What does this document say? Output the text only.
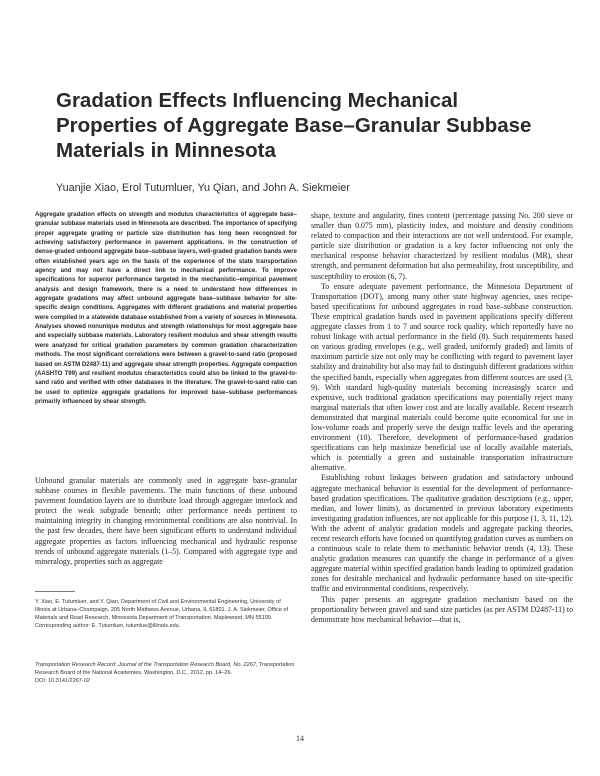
Gradation Effects Influencing Mechanical Properties of Aggregate Base–Granular Subbase Materials in Minnesota

Yuanjie Xiao, Erol Tutumluer, Yu Qian, and John A. Siekmeier

Aggregate gradation effects on strength and modulus characteristics of aggregate base–granular subbase materials used in Minnesota are described. The importance of specifying proper aggregate grading or particle size distribution has long been recognized for achieving satisfactory performance in pavement applications. In the construction of dense-graded unbound aggregate base–subbase layers, well-graded gradation bands were often established years ago on the basis of the experience of the state transportation agency and may not have a direct link to mechanical performance. To improve specifications for superior performance targeted in the mechanistic–empirical pavement analysis and design framework, there is a need to understand how differences in aggregate gradations may affect unbound aggregate base–subbase behavior for site-specific design conditions. Aggregates with different gradations and material properties were compiled in a statewide database established from a variety of sources in Minnesota. Analyses showed nonunique modulus and strength relationships for most aggregate base and especially subbase materials. Laboratory resilient modulus and shear strength results were analyzed for critical gradation parameters by common gradation characterization methods. The most significant correlations were between a gravel-to-sand ratio (proposed based on ASTM D2487-11) and aggregate shear strength properties. Aggregate compaction (AASHTO T99) and resilient modulus characteristics could also be linked to the gravel-to-sand ratio and verified with other databases in the literature. The gravel-to-sand ratio can be used to optimize aggregate gradations for improved base–subbase performances primarily influenced by shear strength.

Unbound granular materials are commonly used in aggregate base–granular subbase courses in flexible pavements. The main functions of these unbound pavement foundation layers are to distribute load through aggregate interlock and protect the weak subgrade beneath; other performance needs pertinent to maintaining integrity in changing environmental conditions are also nontrivial. In the past few decades, there have been significant efforts to understand individual aggregate properties as factors influencing mechanical and hydraulic response trends of unbound aggregate materials (1–5). Compared with aggregate type and mineralogy, properties such as aggregate

Y. Xiao, E. Tutumluer, and Y. Qian, Department of Civil and Environmental Engineering, University of Illinois at Urbana–Champaign, 205 North Mathews Avenue, Urbana, IL 61801. J. A. Siekmeier, Office of Materials and Road Research, Minnesota Department of Transportation, Maplewood, MN 55109. Corresponding author: E. Tutumluer, tutumlue@illinois.edu.

Transportation Research Record: Journal of the Transportation Research Board, No. 2267, Transportation Research Board of the National Academies, Washington, D.C., 2012, pp. 14–26.
DOI: 10.3141/2267-02

shape, texture and angularity, fines content (percentage passing No. 200 sieve or smaller than 0.075 mm), plasticity index, and moisture and density conditions related to compaction and their interactions are not well understood. For example, particle size distribution or gradation is a key factor influencing not only the mechanical response behavior characterized by resilient modulus (MR), shear strength, and permanent deformation but also permeability, frost susceptibility, and susceptibility to erosion (6, 7).

To ensure adequate pavement performance, the Minnesota Department of Transportation (DOT), among many other state highway agencies, uses recipe-based specifications for unbound aggregates in road base–subbase construction. These empirical gradation bands used in pavement applications specify different aggregate classes from 1 to 7 and source rock quality, which reportedly have no robust linkage with actual performance in the field (8). Such requirements based on various grading envelopes (e.g., well graded, uniformly graded) and limits of maximum particle size not only may be conflicting with regard to pavement layer stability and drainability but also may fail to distinguish different gradations within the specified bands, especially when aggregates from different sources are used (3, 9). With standard high-quality materials becoming increasingly scarce and expensive, such traditional gradation specifications may potentially reject many marginal materials that often lower cost and are locally available. Recent research demonstrated that marginal materials could become quite economical for use in low-volume roads and properly serve the design traffic levels and the operating environment (10). Therefore, development of performance-based gradation specifications can help maximize beneficial use of locally available materials, which is potentially a green and sustainable transportation infrastructure alternative.

Establishing robust linkages between gradation and satisfactory unbound aggregate mechanical behavior is essential for the development of performance-based gradation specifications. The qualitative gradation descriptions (e.g., upper, median, and lower limits), as documented in previous laboratory experiments investigating gradation influences, are not applicable for this purpose (1, 3, 11, 12). With the advent of analytic gradation models and aggregate packing theories, recent research efforts have focused on quantifying gradation curves as numbers on a continuous scale to relate them to mechanistic behavior trends (4, 13). These analytic gradation measures can quantify the change in performance of a given aggregate material within specified gradation bands leading to optimized gradation zones for desirable mechanical and hydraulic performance based on site-specific traffic and environmental conditions, respectively.

This paper presents an aggregate gradation mechanism based on the proportionality between gravel and sand size particles (as per ASTM D2487-11) to demonstrate how mechanical behavior—that is,

14
